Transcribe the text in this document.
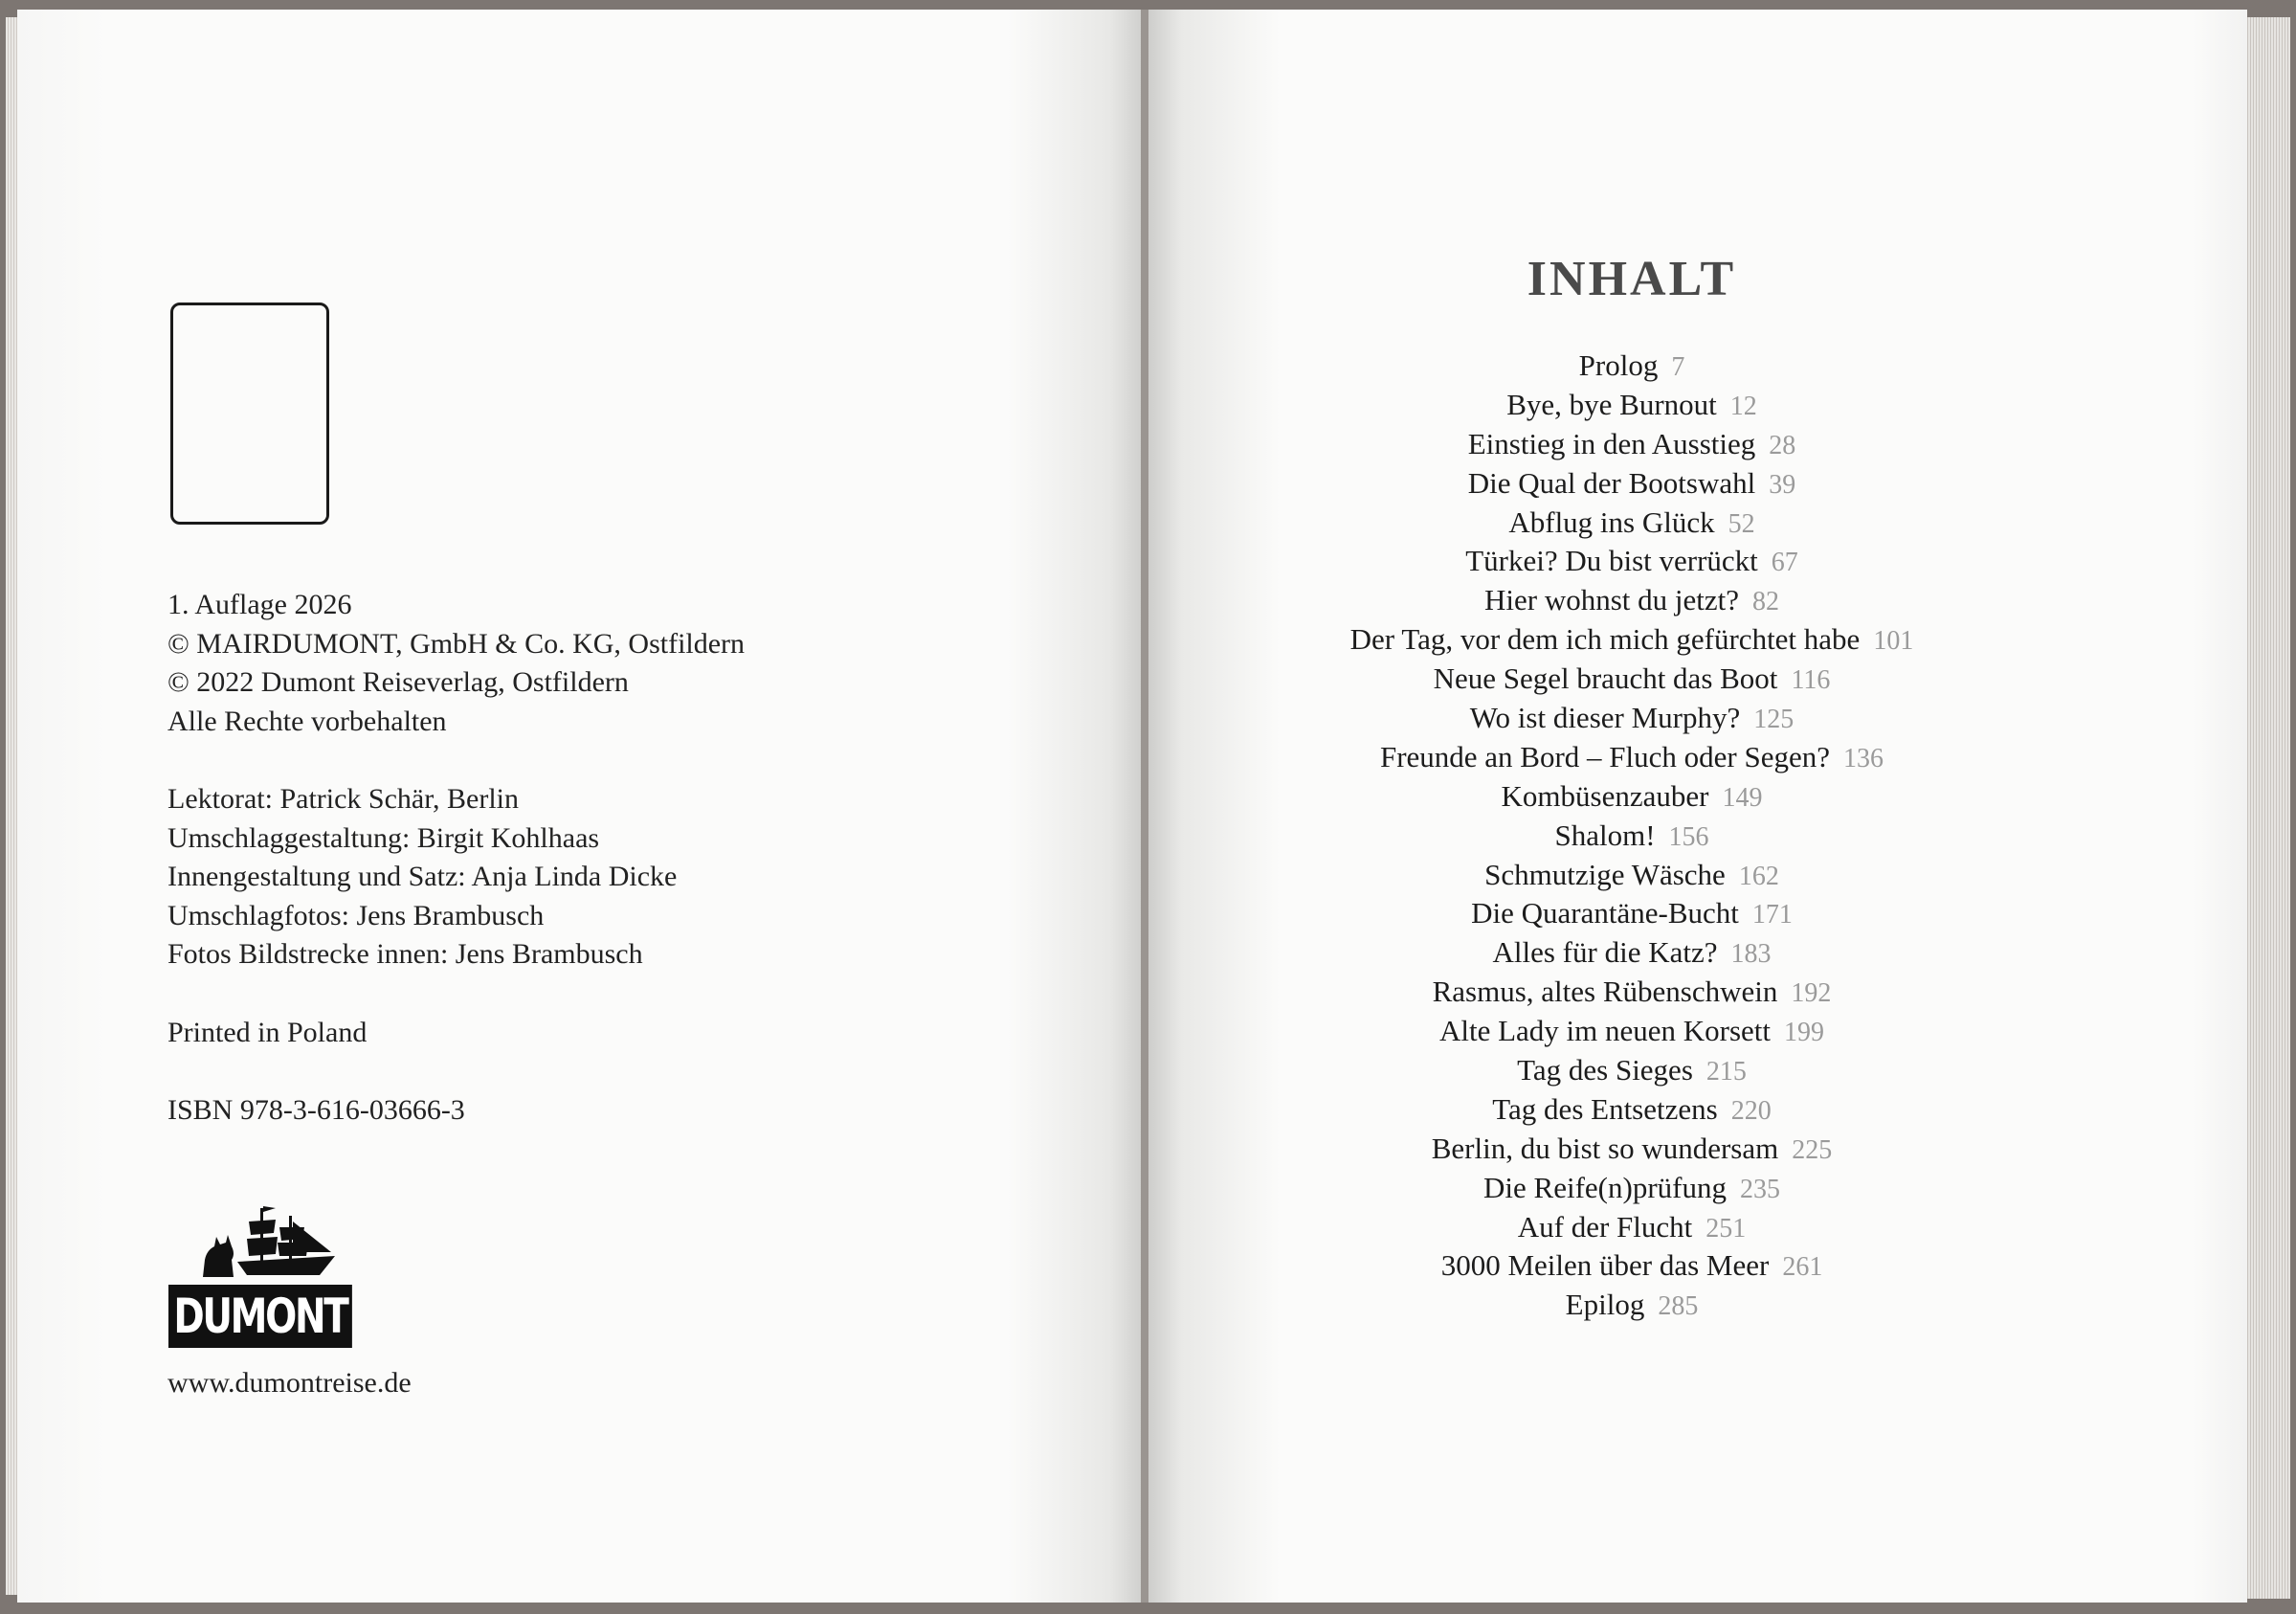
1. Auflage 2026
© MAIRDUMONT, GmbH & Co. KG, Ostfildern
© 2022 Dumont Reiseverlag, Ostfildern
Alle Rechte vorbehalten
Lektorat: Patrick Schär, Berlin
Umschlaggestaltung: Birgit Kohlhaas
Innengestaltung und Satz: Anja Linda Dicke
Umschlagfotos: Jens Brambusch
Fotos Bildstrecke innen: Jens Brambusch
Printed in Poland
ISBN 978-3-616-03666-3
DUMONT
www.dumontreise.de
INHALT
Prolog 7
Bye, bye Burnout 12
Einstieg in den Ausstieg 28
Die Qual der Bootswahl 39
Abflug ins Glück 52
Türkei? Du bist verrückt 67
Hier wohnst du jetzt? 82
Der Tag, vor dem ich mich gefürchtet habe 101
Neue Segel braucht das Boot 116
Wo ist dieser Murphy? 125
Freunde an Bord – Fluch oder Segen? 136
Kombüsenzauber 149
Shalom! 156
Schmutzige Wäsche 162
Die Quarantäne-Bucht 171
Alles für die Katz? 183
Rasmus, altes Rübenschwein 192
Alte Lady im neuen Korsett 199
Tag des Sieges 215
Tag des Entsetzens 220
Berlin, du bist so wundersam 225
Die Reife(n)prüfung 235
Auf der Flucht 251
3000 Meilen über das Meer 261
Epilog 285
